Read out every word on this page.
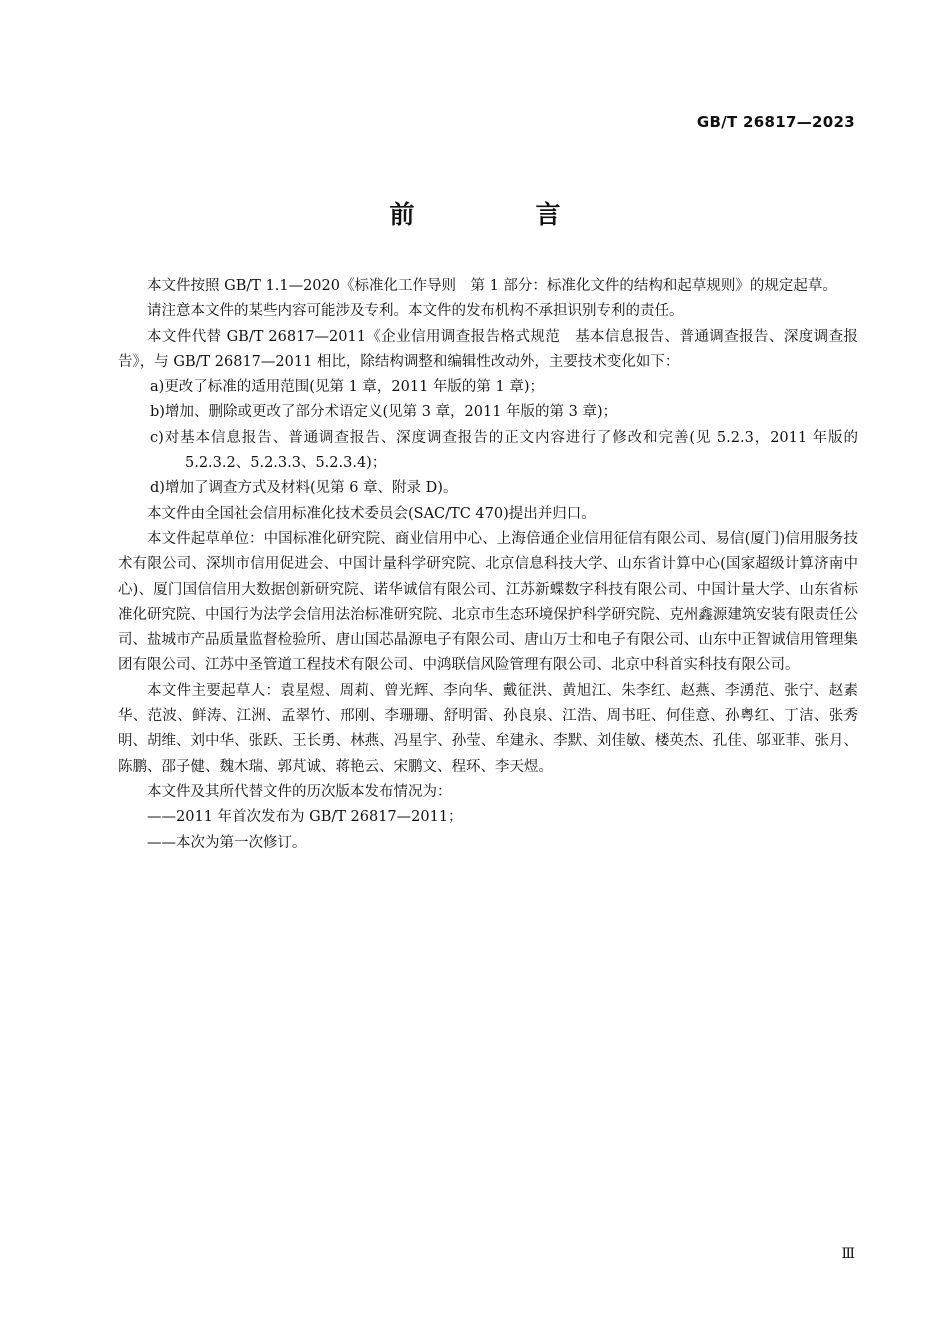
GB/T 26817—2023
前　言

本文件按照 GB/T 1.1—2020《标准化工作导则　第 1 部分：标准化文件的结构和起草规则》的规定起草。

请注意本文件的某些内容可能涉及专利。本文件的发布机构不承担识别专利的责任。

本文件代替 GB/T 26817—2011《企业信用调查报告格式规范　基本信息报告、普通调查报告、深度调查报告》，与 GB/T 26817—2011 相比，除结构调整和编辑性改动外，主要技术变化如下：

a)更改了标准的适用范围(见第 1 章，2011 年版的第 1 章)；

b)增加、删除或更改了部分术语定义(见第 3 章，2011 年版的第 3 章)；

c)对基本信息报告、普通调查报告、深度调查报告的正文内容进行了修改和完善(见 5.2.3，2011 年版的 5.2.3.2、5.2.3.3、5.2.3.4)；

d)增加了调查方式及材料(见第 6 章、附录 D)。

本文件由全国社会信用标准化技术委员会(SAC/TC 470)提出并归口。

本文件起草单位：中国标准化研究院、商业信用中心、上海倍通企业信用征信有限公司、易信(厦门)信用服务技术有限公司、深圳市信用促进会、中国计量科学研究院、北京信息科技大学、山东省计算中心(国家超级计算济南中心)、厦门国信信用大数据创新研究院、诺华诚信有限公司、江苏新蝶数字科技有限公司、中国计量大学、山东省标准化研究院、中国行为法学会信用法治标准研究院、北京市生态环境保护科学研究院、克州鑫源建筑安装有限责任公司、盐城市产品质量监督检验所、唐山国芯晶源电子有限公司、唐山万士和电子有限公司、山东中正智诚信用管理集团有限公司、江苏中圣管道工程技术有限公司、中鸿联信风险管理有限公司、北京中科首实科技有限公司。

本文件主要起草人：袁星煜、周莉、曾光辉、李向华、戴征洪、黄旭江、朱李红、赵燕、李湧范、张宁、赵素华、范波、鲜涛、江洲、孟翠竹、邢刚、李珊珊、舒明雷、孙良泉、江浩、周书旺、何佳意、孙粤红、丁洁、张秀明、胡维、刘中华、张跃、王长勇、林燕、冯星宇、孙莹、牟建永、李默、刘佳敏、楼英杰、孔佳、邬亚菲、张月、陈鹏、邵子健、魏木瑞、郭芃诚、蒋艳云、宋鹏文、程环、李天煜。

本文件及其所代替文件的历次版本发布情况为：

——2011 年首次发布为 GB/T 26817—2011；

——本次为第一次修订。

Ⅲ
